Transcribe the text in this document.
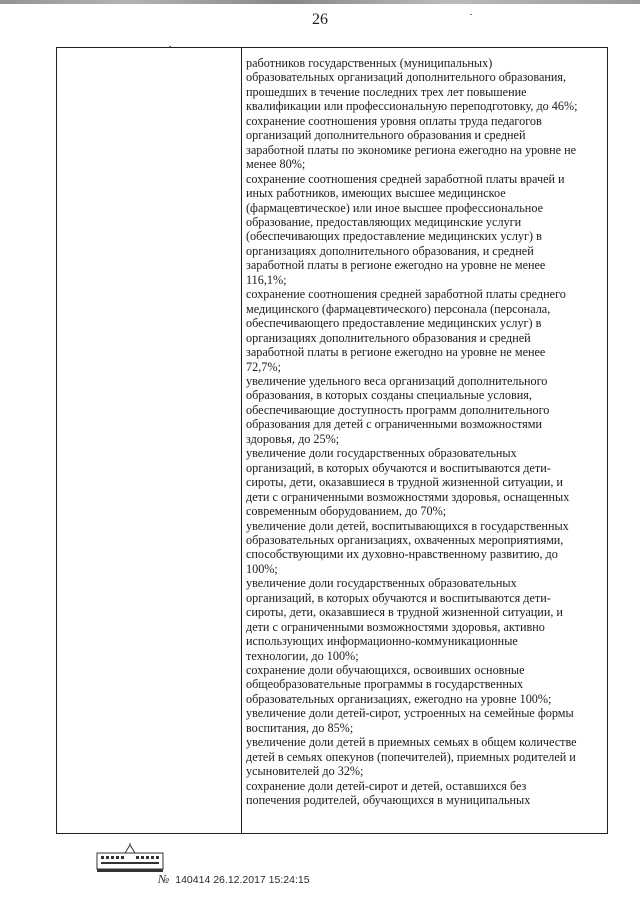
26
работников государственных (муниципальных)
образовательных организаций дополнительного образования,
прошедших в течение последних трех лет повышение
квалификации или профессиональную переподготовку, до 46%;
сохранение соотношения уровня оплаты труда педагогов
организаций дополнительного образования и средней
заработной платы по экономике региона ежегодно на уровне не
менее 80%;
сохранение соотношения средней заработной платы врачей и
иных работников, имеющих высшее медицинское
(фармацевтическое) или иное высшее профессиональное
образование, предоставляющих медицинские услуги
(обеспечивающих предоставление медицинских услуг) в
организациях дополнительного образования, и средней
заработной платы в регионе ежегодно на уровне не менее
116,1%;
сохранение соотношения средней заработной платы среднего
медицинского (фармацевтического) персонала (персонала,
обеспечивающего предоставление медицинских услуг) в
организациях дополнительного образования и средней
заработной платы в регионе ежегодно на уровне не менее
72,7%;
увеличение удельного веса организаций дополнительного
образования, в которых созданы специальные условия,
обеспечивающие доступность программ дополнительного
образования для детей с ограниченными возможностями
здоровья, до 25%;
увеличение доли государственных образовательных
организаций, в которых обучаются и воспитываются дети-
сироты, дети, оказавшиеся в трудной жизненной ситуации, и
дети с ограниченными возможностями здоровья, оснащенных
современным оборудованием, до 70%;
увеличение доли детей, воспитывающихся в государственных
образовательных организациях, охваченных мероприятиями,
способствующими их духовно-нравственному развитию, до
100%;
увеличение доли государственных образовательных
организаций, в которых обучаются и воспитываются дети-
сироты, дети, оказавшиеся в трудной жизненной ситуации, и
дети с ограниченными возможностями здоровья, активно
использующих информационно-коммуникационные
технологии, до 100%;
сохранение доли обучающихся, освоивших основные
общеобразовательные программы в государственных
образовательных организациях, ежегодно на уровне 100%;
увеличение доли детей-сирот, устроенных на семейные формы
воспитания, до 85%;
увеличение доли детей в приемных семьях в общем количестве
детей в семьях опекунов (попечителей), приемных родителей и
усыновителей до 32%;
сохранение доли детей-сирот и детей, оставшихся без
попечения родителей, обучающихся в муниципальных
№ 140414 26.12.2017 15:24:15
